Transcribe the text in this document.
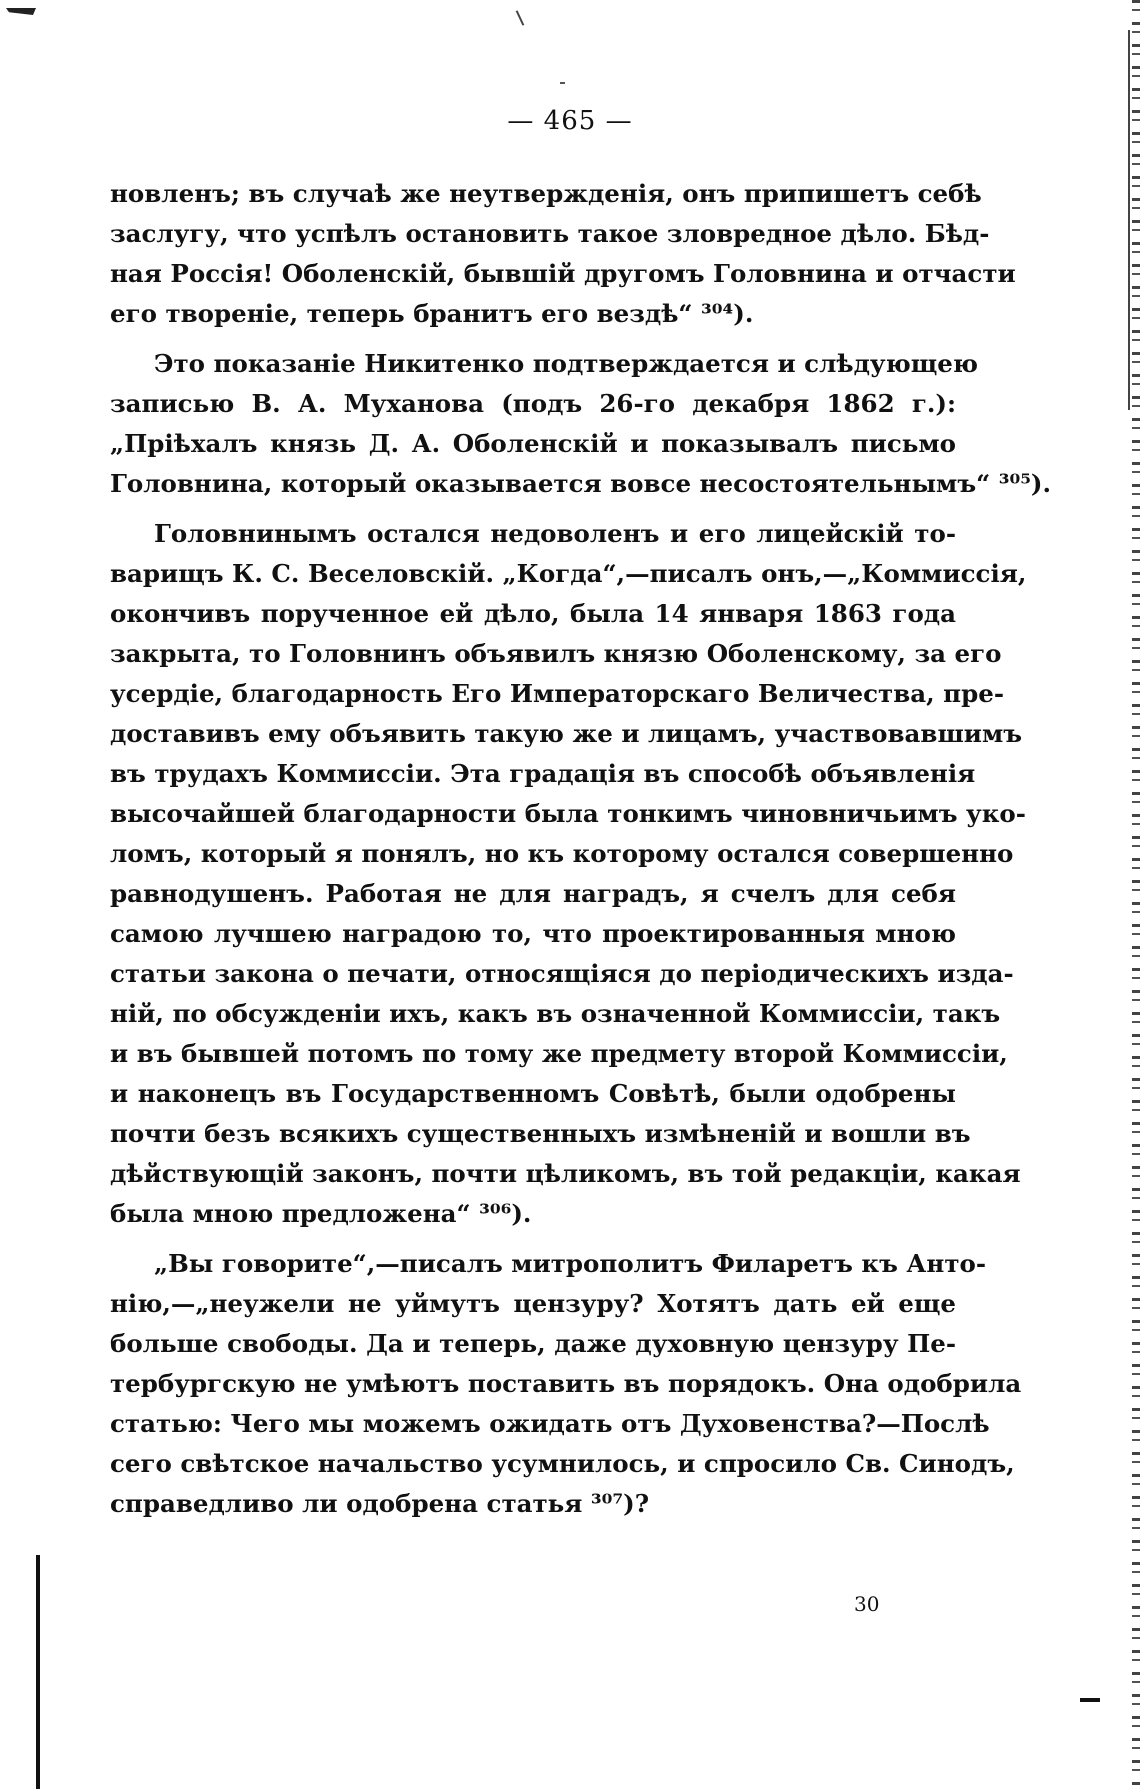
— 465 —
новленъ; въ случаѣ же неутвержденія, онъ припишетъ себѣ
заслугу, что успѣлъ остановить такое зловредное дѣло. Бѣд-
ная Россія! Оболенскій, бывшій другомъ Головнина и отчасти
его твореніе, теперь бранитъ его вездѣ“ ³⁰⁴).
Это показаніе Никитенко подтверждается и слѣдующею
записью В. А. Муханова (подъ 26-го декабря 1862 г.):
„Пріѣхалъ князь Д. А. Оболенскій и показывалъ письмо
Головнина, который оказывается вовсе несостоятельнымъ“ ³⁰⁵).
Головнинымъ остался недоволенъ и его лицейскій то-
варищъ К. С. Веселовскій. „Когда“,—писалъ онъ,—„Коммиссія,
окончивъ порученное ей дѣло, была 14 января 1863 года
закрыта, то Головнинъ объявилъ князю Оболенскому, за его
усердіе, благодарность Его Императорскаго Величества, пре-
доставивъ ему объявить такую же и лицамъ, участвовавшимъ
въ трудахъ Коммиссіи. Эта градація въ способѣ объявленія
высочайшей благодарности была тонкимъ чиновничьимъ уко-
ломъ, который я понялъ, но къ которому остался совершенно
равнодушенъ. Работая не для наградъ, я счелъ для себя
самою лучшею наградою то, что проектированныя мною
статьи закона о печати, относящіяся до періодическихъ изда-
ній, по обсужденіи ихъ, какъ въ означенной Коммиссіи, такъ
и въ бывшей потомъ по тому же предмету второй Коммиссіи,
и наконецъ въ Государственномъ Совѣтѣ, были одобрены
почти безъ всякихъ существенныхъ измѣненій и вошли въ
дѣйствующій законъ, почти цѣликомъ, въ той редакціи, какая
была мною предложена“ ³⁰⁶).
„Вы говорите“,—писалъ митрополитъ Филаретъ къ Анто-
нію,—„неужели не уймутъ цензуру? Хотятъ дать ей еще
больше свободы. Да и теперь, даже духовную цензуру Пе-
тербургскую не умѣютъ поставить въ порядокъ. Она одобрила
статью: Чего мы можемъ ожидать отъ Духовенства?—Послѣ
сего свѣтское начальство усумнилось, и спросило Св. Синодъ,
справедливо ли одобрена статья ³⁰⁷)?
30
